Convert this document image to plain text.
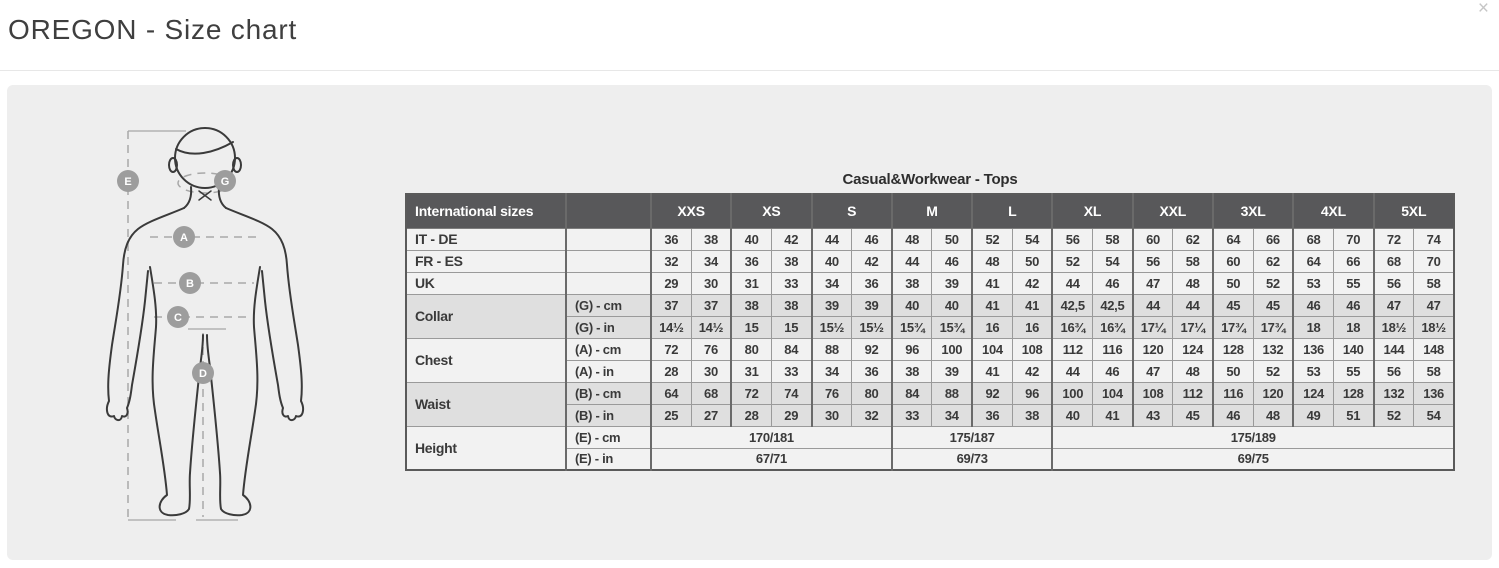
OREGON - Size chart
×
E	G
A
B
C
D
Casual&Workwear - Tops
International sizes		XXS		XS		S		M		L		XL		XXL		3XL		4XL		5XL	
IT - DE		36	38	40	42	44	46	48	50	52	54	56	58	60	62	64	66	68	70	72	74
FR - ES		32	34	36	38	40	42	44	46	48	50	52	54	56	58	60	62	64	66	68	70
UK		29	30	31	33	34	36	38	39	41	42	44	46	47	48	50	52	53	55	56	58
Collar	(G) - cm	37	37	38	38	39	39	40	40	41	41	42,5	42,5	44	44	45	45	46	46	47	47
	(G) - in	14½	14½	15	15	15½	15½	15¾	15¾	16	16	16¾	16¾	17¼	17¼	17¾	17¾	18	18	18½	18½
Chest	(A) - cm	72	76	80	84	88	92	96	100	104	108	112	116	120	124	128	132	136	140	144	148
	(A) - in	28	30	31	33	34	36	38	39	41	42	44	46	47	48	50	52	53	55	56	58
Waist	(B) - cm	64	68	72	74	76	80	84	88	92	96	100	104	108	112	116	120	124	128	132	136
	(B) - in	25	27	28	29	30	32	33	34	36	38	40	41	43	45	46	48	49	51	52	54
Height	(E) - cm	170/181						175/187				175/189									
	(E) - in	67/71						69/73				69/75									
